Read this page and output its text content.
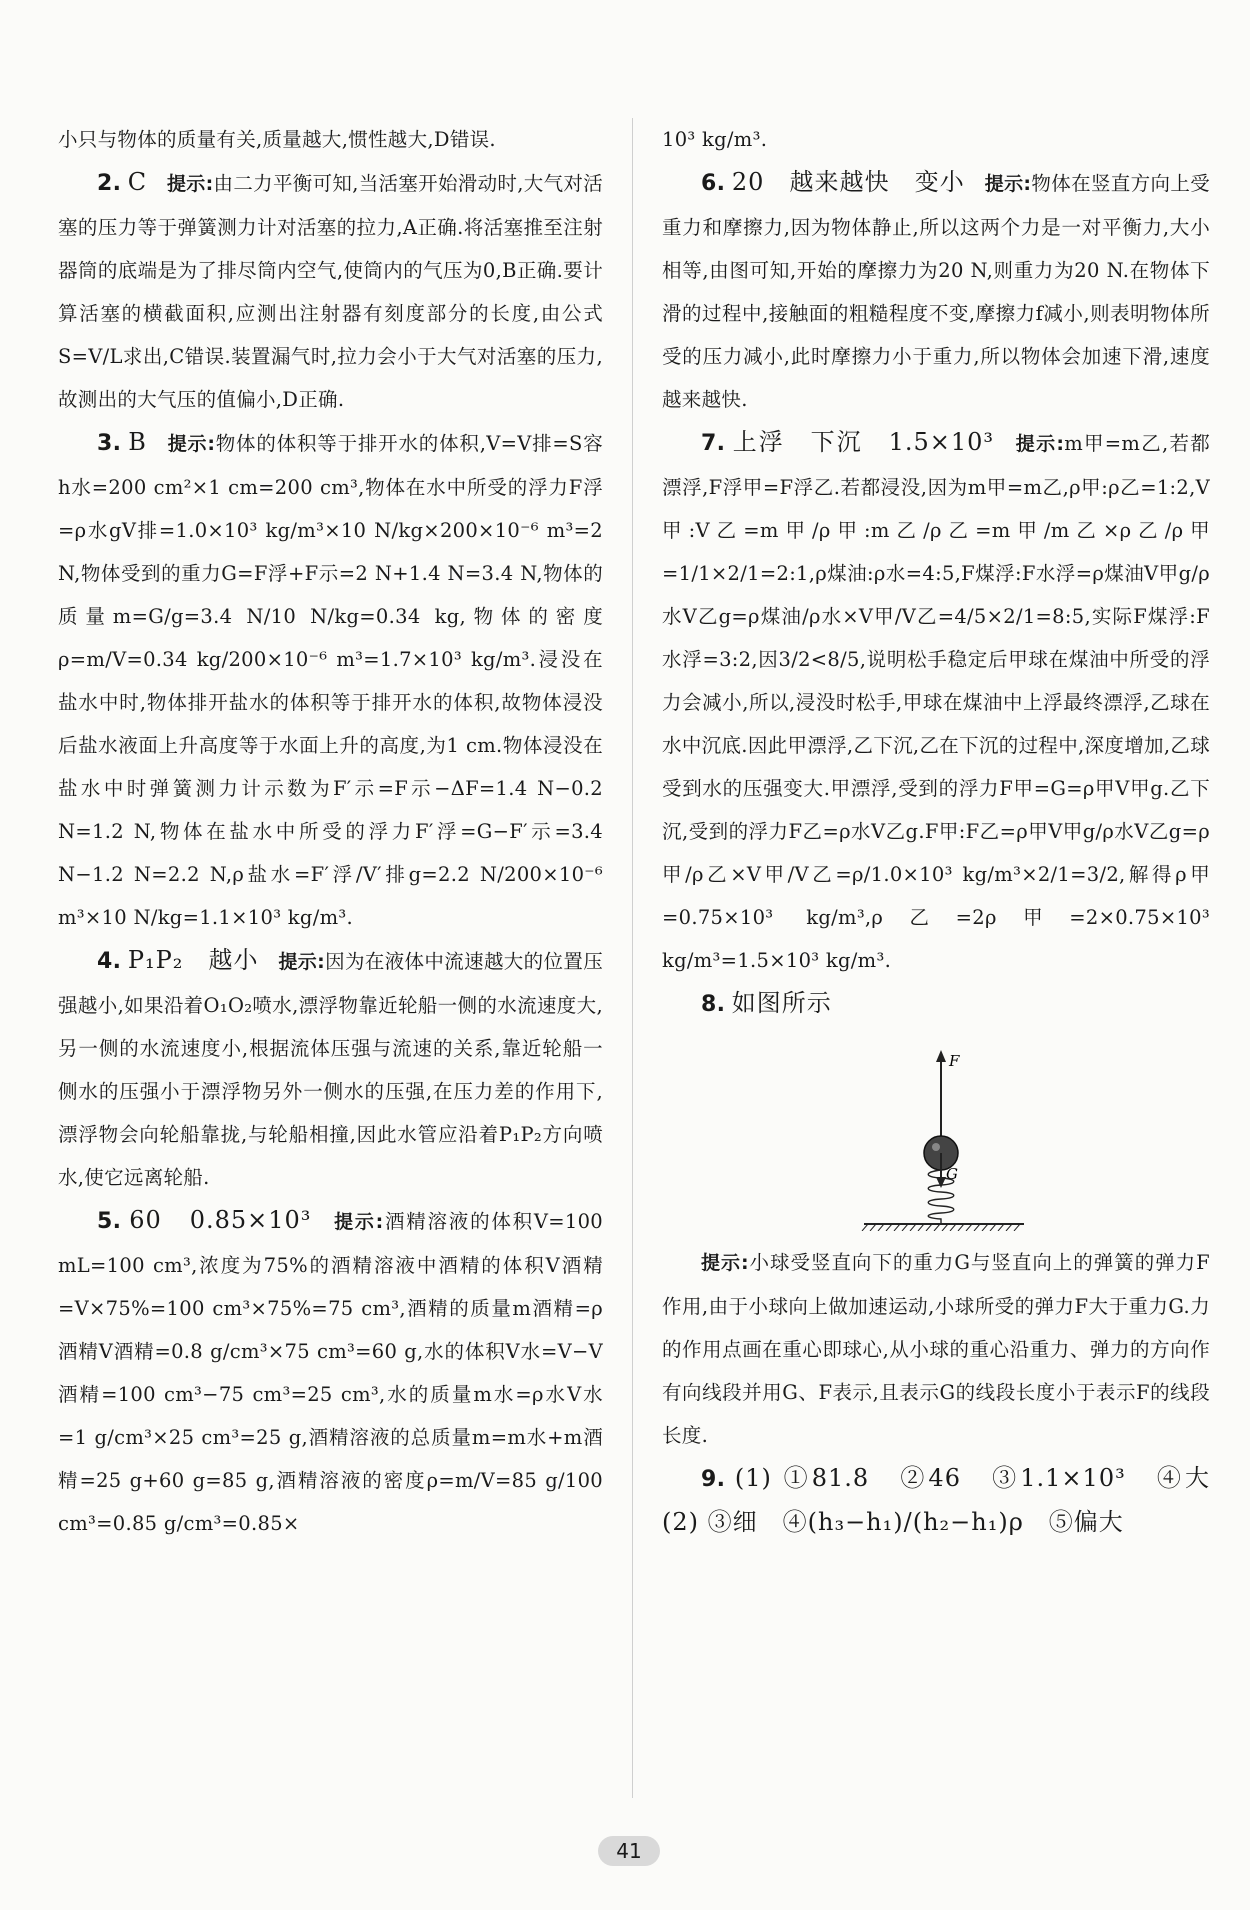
小只与物体的质量有关,质量越大,惯性越大,D错误.

2. C　 提示:由二力平衡可知,当活塞开始滑动时,大气对活塞的压力等于弹簧测力计对活塞的拉力,A正确.将活塞推至注射器筒的底端是为了排尽筒内空气,使筒内的气压为0,B正确.要计算活塞的横截面积,应测出注射器有刻度部分的长度,由公式S=V/L求出,C错误.装置漏气时,拉力会小于大气对活塞的压力,故测出的大气压的值偏小,D正确.

3. B　 提示:物体的体积等于排开水的体积,V=V排=S容h水=200 cm²×1 cm=200 cm³,物体在水中所受的浮力F浮=ρ水gV排=1.0×10³ kg/m³×10 N/kg×200×10⁻⁶ m³=2 N,物体受到的重力G=F浮+F示=2 N+1.4 N=3.4 N,物体的质量m=G/g=3.4 N/10 N/kg=0.34 kg,物体的密度ρ=m/V=0.34 kg/200×10⁻⁶ m³=1.7×10³ kg/m³.浸没在盐水中时,物体排开盐水的体积等于排开水的体积,故物体浸没后盐水液面上升高度等于水面上升的高度,为1 cm.物体浸没在盐水中时弹簧测力计示数为F′示=F示−ΔF=1.4 N−0.2 N=1.2 N,物体在盐水中所受的浮力F′浮=G−F′示=3.4 N−1.2 N=2.2 N,ρ盐水=F′浮/V′排g=2.2 N/200×10⁻⁶ m³×10 N/kg=1.1×10³ kg/m³.

4. P₁P₂　越小　 提示:因为在液体中流速越大的位置压强越小,如果沿着O₁O₂喷水,漂浮物靠近轮船一侧的水流速度大,另一侧的水流速度小,根据流体压强与流速的关系,靠近轮船一侧水的压强小于漂浮物另外一侧水的压强,在压力差的作用下,漂浮物会向轮船靠拢,与轮船相撞,因此水管应沿着P₁P₂方向喷水,使它远离轮船.

5. 60　0.85×10³　 提示:酒精溶液的体积V=100 mL=100 cm³,浓度为75%的酒精溶液中酒精的体积V酒精=V×75%=100 cm³×75%=75 cm³,酒精的质量m酒精=ρ酒精V酒精=0.8 g/cm³×75 cm³=60 g,水的体积V水=V−V酒精=100 cm³−75 cm³=25 cm³,水的质量m水=ρ水V水=1 g/cm³×25 cm³=25 g,酒精溶液的总质量m=m水+m酒精=25 g+60 g=85 g,酒精溶液的密度ρ=m/V=85 g/100 cm³=0.85 g/cm³=0.85×

10³ kg/m³.

6. 20　越来越快　变小　 提示:物体在竖直方向上受重力和摩擦力,因为物体静止,所以这两个力是一对平衡力,大小相等,由图可知,开始的摩擦力为20 N,则重力为20 N.在物体下滑的过程中,接触面的粗糙程度不变,摩擦力f减小,则表明物体所受的压力减小,此时摩擦力小于重力,所以物体会加速下滑,速度越来越快.

7. 上浮　下沉　1.5×10³　 提示:m甲=m乙,若都漂浮,F浮甲=F浮乙.若都浸没,因为m甲=m乙,ρ甲:ρ乙=1:2,V甲:V乙=m甲/ρ甲:m乙/ρ乙=m甲/m乙×ρ乙/ρ甲=1/1×2/1=2:1,ρ煤油:ρ水=4:5,F煤浮:F水浮=ρ煤油V甲g/ρ水V乙g=ρ煤油/ρ水×V甲/V乙=4/5×2/1=8:5,实际F煤浮:F水浮=3:2,因3/2<8/5,说明松手稳定后甲球在煤油中所受的浮力会减小,所以,浸没时松手,甲球在煤油中上浮最终漂浮,乙球在水中沉底.因此甲漂浮,乙下沉,乙在下沉的过程中,深度增加,乙球受到水的压强变大.甲漂浮,受到的浮力F甲=G=ρ甲V甲g.乙下沉,受到的浮力F乙=ρ水V乙g.F甲:F乙=ρ甲V甲g/ρ水V乙g=ρ甲/ρ乙×V甲/V乙=ρ/1.0×10³ kg/m³×2/1=3/2,解得ρ甲=0.75×10³ kg/m³,ρ乙=2ρ甲=2×0.75×10³ kg/m³=1.5×10³ kg/m³.

8. 如图所示

F
G

提示:小球受竖直向下的重力G与竖直向上的弹簧的弹力F作用,由于小球向上做加速运动,小球所受的弹力F大于重力G.力的作用点画在重心即球心,从小球的重心沿重力、弹力的方向作有向线段并用G、F表示,且表示G的线段长度小于表示F的线段长度.

9. (1) ①81.8　②46　③1.1×10³　④大　(2) ③细　④(h₃−h₁)/(h₂−h₁)ρ　⑤偏大

41
